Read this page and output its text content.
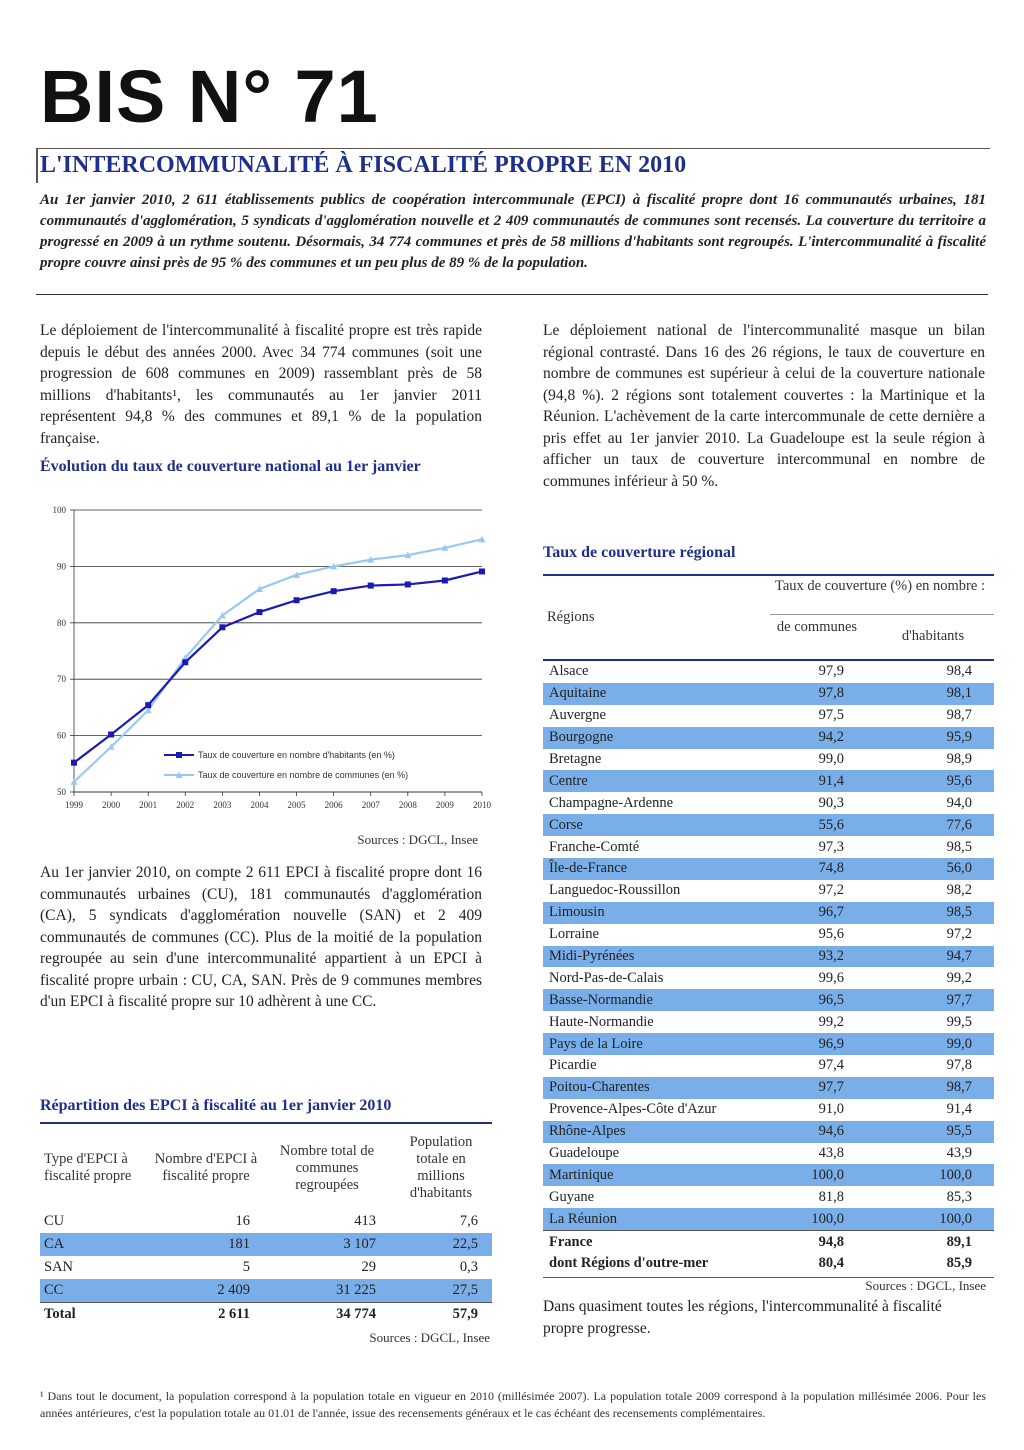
BIS N° 71
L'INTERCOMMUNALITÉ À FISCALITÉ PROPRE EN 2010
Au 1er janvier 2010, 2 611 établissements publics de coopération intercommunale (EPCI) à fiscalité propre dont 16 communautés urbaines, 181 communautés d'agglomération, 5 syndicats d'agglomération nouvelle et 2 409 communautés de communes sont recensés. La couverture du territoire a progressé en 2009 à un rythme soutenu. Désormais, 34 774 communes et près de 58 millions d'habitants sont regroupés. L'intercommunalité à fiscalité propre couvre ainsi près de 95 % des communes et un peu plus de 89 % de la population.
Le déploiement de l'intercommunalité à fiscalité propre est très rapide depuis le début des années 2000. Avec 34 774 communes (soit une progression de 608 communes en 2009) rassemblant près de 58 millions d'habitants¹, les communautés au 1er janvier 2011 représentent 94,8 % des communes et 89,1 % de la population française.
Évolution du taux de couverture national au 1er janvier
50
60
70
80
90
100
1999 2000 2001 2002 2003 2004 2005 2006 2007 2008 2009 2010
Taux de couverture en nombre d'habitants (en %)
Taux de couverture en nombre de communes (en %)
Sources : DGCL, Insee
Au 1er janvier 2010, on compte 2 611 EPCI à fiscalité propre dont 16 communautés urbaines (CU), 181 communautés d'agglomération (CA), 5 syndicats d'agglomération nouvelle (SAN) et 2 409 communautés de communes (CC). Plus de la moitié de la population regroupée au sein d'une intercommunalité appartient à un EPCI à fiscalité propre urbain : CU, CA, SAN. Près de 9 communes membres d'un EPCI à fiscalité propre sur 10 adhèrent à une CC.
Répartition des EPCI à fiscalité au 1er janvier 2010
Type d'EPCI à fiscalité propre	Nombre d'EPCI à fiscalité propre	Nombre total de communes regroupées	Population totale en millions d'habitants
CU	16	413	7,6
CA	181	3 107	22,5
SAN	5	29	0,3
CC	2 409	31 225	27,5
Total	2 611	34 774	57,9
Sources : DGCL, Insee
Le déploiement national de l'intercommunalité masque un bilan régional contrasté. Dans 16 des 26 régions, le taux de couverture en nombre de communes est supérieur à celui de la couverture nationale (94,8 %). 2 régions sont totalement couvertes : la Martinique et la Réunion. L'achèvement de la carte intercommunale de cette dernière a pris effet au 1er janvier 2010. La Guadeloupe est la seule région à afficher un taux de couverture intercommunal en nombre de communes inférieur à 50 %.
Taux de couverture régional
Régions
Taux de couverture (%) en nombre :
de communes
d'habitants
Alsace	97,9	98,4
Aquitaine	97,8	98,1
Auvergne	97,5	98,7
Bourgogne	94,2	95,9
Bretagne	99,0	98,9
Centre	91,4	95,6
Champagne-Ardenne	90,3	94,0
Corse	55,6	77,6
Franche-Comté	97,3	98,5
Île-de-France	74,8	56,0
Languedoc-Roussillon	97,2	98,2
Limousin	96,7	98,5
Lorraine	95,6	97,2
Midi-Pyrénées	93,2	94,7
Nord-Pas-de-Calais	99,6	99,2
Basse-Normandie	96,5	97,7
Haute-Normandie	99,2	99,5
Pays de la Loire	96,9	99,0
Picardie	97,4	97,8
Poitou-Charentes	97,7	98,7
Provence-Alpes-Côte d'Azur	91,0	91,4
Rhône-Alpes	94,6	95,5
Guadeloupe	43,8	43,9
Martinique	100,0	100,0
Guyane	81,8	85,3
La Réunion	100,0	100,0
France	94,8	89,1
dont Régions d'outre-mer	80,4	85,9
Sources : DGCL, Insee
Dans quasiment toutes les régions, l'intercommunalité à fiscalité propre progresse.
¹ Dans tout le document, la population correspond à la population totale en vigueur en 2010 (millésimée 2007). La population totale 2009 correspond à la population millésimée 2006. Pour les années antérieures, c'est la population totale au 01.01 de l'année, issue des recensements généraux et le cas échéant des recensements complémentaires.
